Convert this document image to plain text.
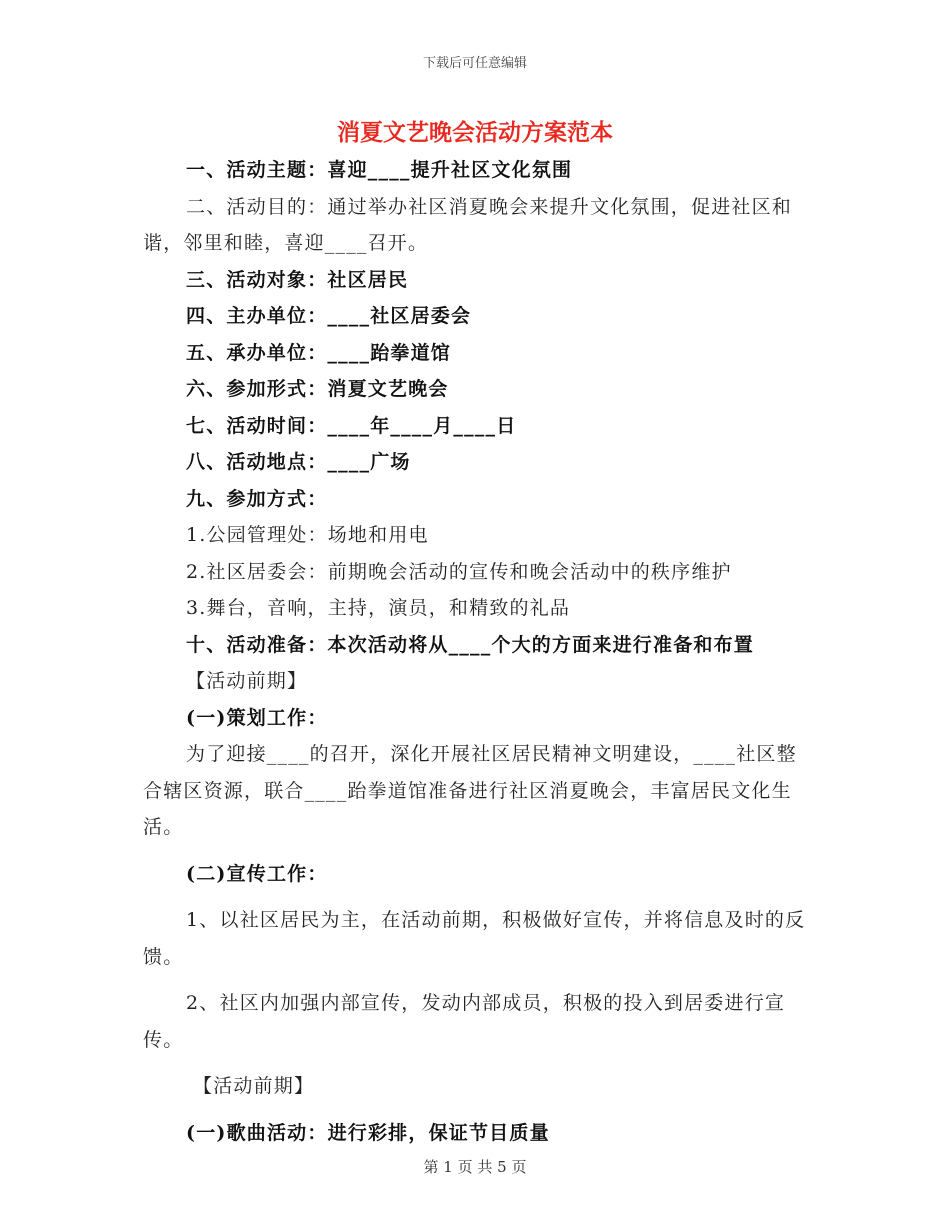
下载后可任意编辑
消夏文艺晚会活动方案范本

一、活动主题：喜迎____提升社区文化氛围

二、活动目的：通过举办社区消夏晚会来提升文化氛围，促进社区和谐，邻里和睦，喜迎____召开。

三、活动对象：社区居民

四、主办单位：____社区居委会

五、承办单位：____跆拳道馆

六、参加形式：消夏文艺晚会

七、活动时间：____年____月____日

八、活动地点：____广场

九、参加方式：

1.公园管理处：场地和用电

2.社区居委会：前期晚会活动的宣传和晚会活动中的秩序维护

3.舞台，音响，主持，演员，和精致的礼品

十、活动准备：本次活动将从____个大的方面来进行准备和布置

【活动前期】

(一)策划工作：

为了迎接____的召开，深化开展社区居民精神文明建设，____社区整合辖区资源，联合____跆拳道馆准备进行社区消夏晚会，丰富居民文化生活。

(二)宣传工作：

1、以社区居民为主，在活动前期，积极做好宣传，并将信息及时的反馈。

2、社区内加强内部宣传，发动内部成员，积极的投入到居委进行宣传。

【活动前期】

(一)歌曲活动：进行彩排，保证节目质量

第 1 页 共 5 页
